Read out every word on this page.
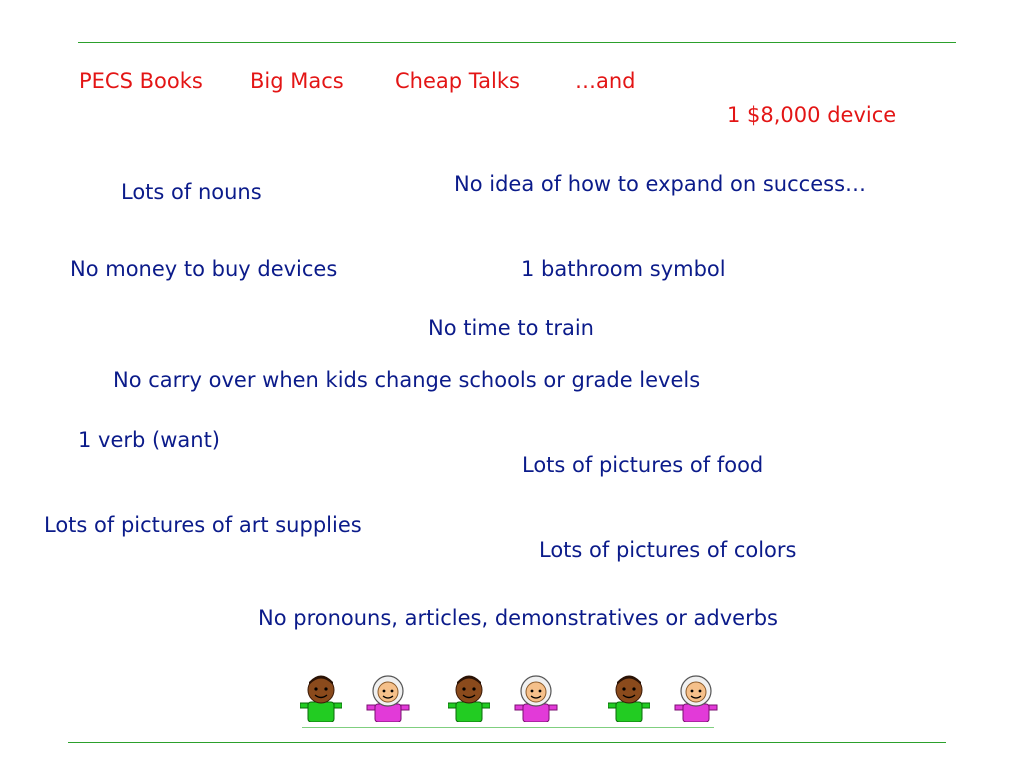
PECS Books Big Macs Cheap Talks	…and
1 $8,000 device
Lots of nouns	No idea of how to expand on success…
No money to buy devices	1 bathroom symbol
No time to train
No carry over when kids change schools or grade levels
1 verb (want)
Lots of pictures of food
Lots of pictures of art supplies
Lots of pictures of colors
No pronouns, articles, demonstratives or adverbs
